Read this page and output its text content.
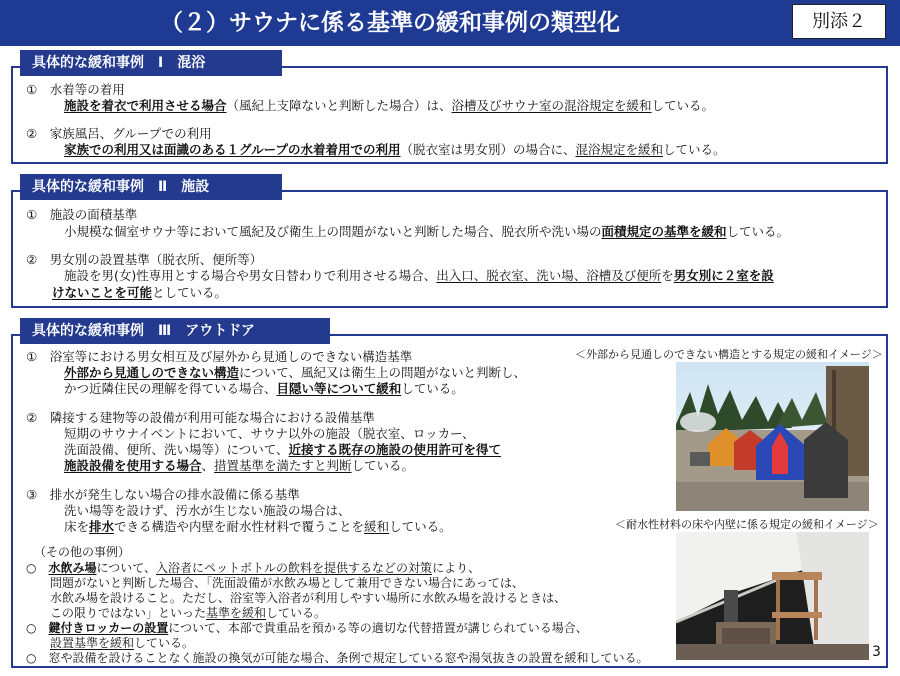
（２）サウナに係る基準の緩和事例の類型化	別添２
具体的な緩和事例　Ⅰ　混浴
①　 水着等の着用
施設を着衣で利用させる場合（風紀上支障ないと判断した場合）は、浴槽及びサウナ室の混浴規定を緩和している。
②　 家族風呂、グループでの利用
家族での利用又は面識のある１グループの水着着用での利用（脱衣室は男女別）の場合に、混浴規定を緩和している。
具体的な緩和事例　Ⅱ　施設
①　 施設の面積基準
小規模な個室サウナ等において風紀及び衛生上の問題がないと判断した場合、脱衣所や洗い場の面積規定の基準を緩和している。
②　 男女別の設置基準（脱衣所、便所等）
施設を男(女)性専用とする場合や男女日替わりで利用させる場合、出入口、脱衣室、洗い場、浴槽及び便所を男女別に２室を設
けないことを可能としている。
具体的な緩和事例　Ⅲ　アウトドア
①　 浴室等における男女相互及び屋外から見通しのできない構造基準
外部から見通しのできない構造について、風紀又は衛生上の問題がないと判断し、
かつ近隣住民の理解を得ている場合、目隠い等について緩和している。
②　 隣接する建物等の設備が利用可能な場合における設備基準
短期のサウナイベントにおいて、サウナ以外の施設（脱衣室、ロッカー、
洗面設備、便所、洗い場等）について、近接する既存の施設の使用許可を得て
施設設備を使用する場合、措置基準を満たすと判断している。
③　 排水が発生しない場合の排水設備に係る基準
洗い場等を設けず、汚水が生じない施設の場合は、
床を排水できる構造や内壁を耐水性材料で覆うことを緩和している。
（その他の事例）
○　 水飲み場について、入浴者にペットボトルの飲料を提供するなどの対策により、
問題がないと判断した場合、「洗面設備が水飲み場として兼用できない場合にあっては、
水飲み場を設けること。ただし、浴室等入浴者が利用しやすい場所に水飲み場を設けるときは、
この限りではない」といった基準を緩和している。
○　 鍵付きロッカーの設置について、本部で貴重品を預かる等の適切な代替措置が講じられている場合、
設置基準を緩和している。
○　 窓や設備を設けることなく施設の換気が可能な場合、条例で規定している窓や湯気抜きの設置を緩和している。
＜外部から見通しのできない構造とする規定の緩和イメージ＞
＜耐水性材料の床や内壁に係る規定の緩和イメージ＞
3
